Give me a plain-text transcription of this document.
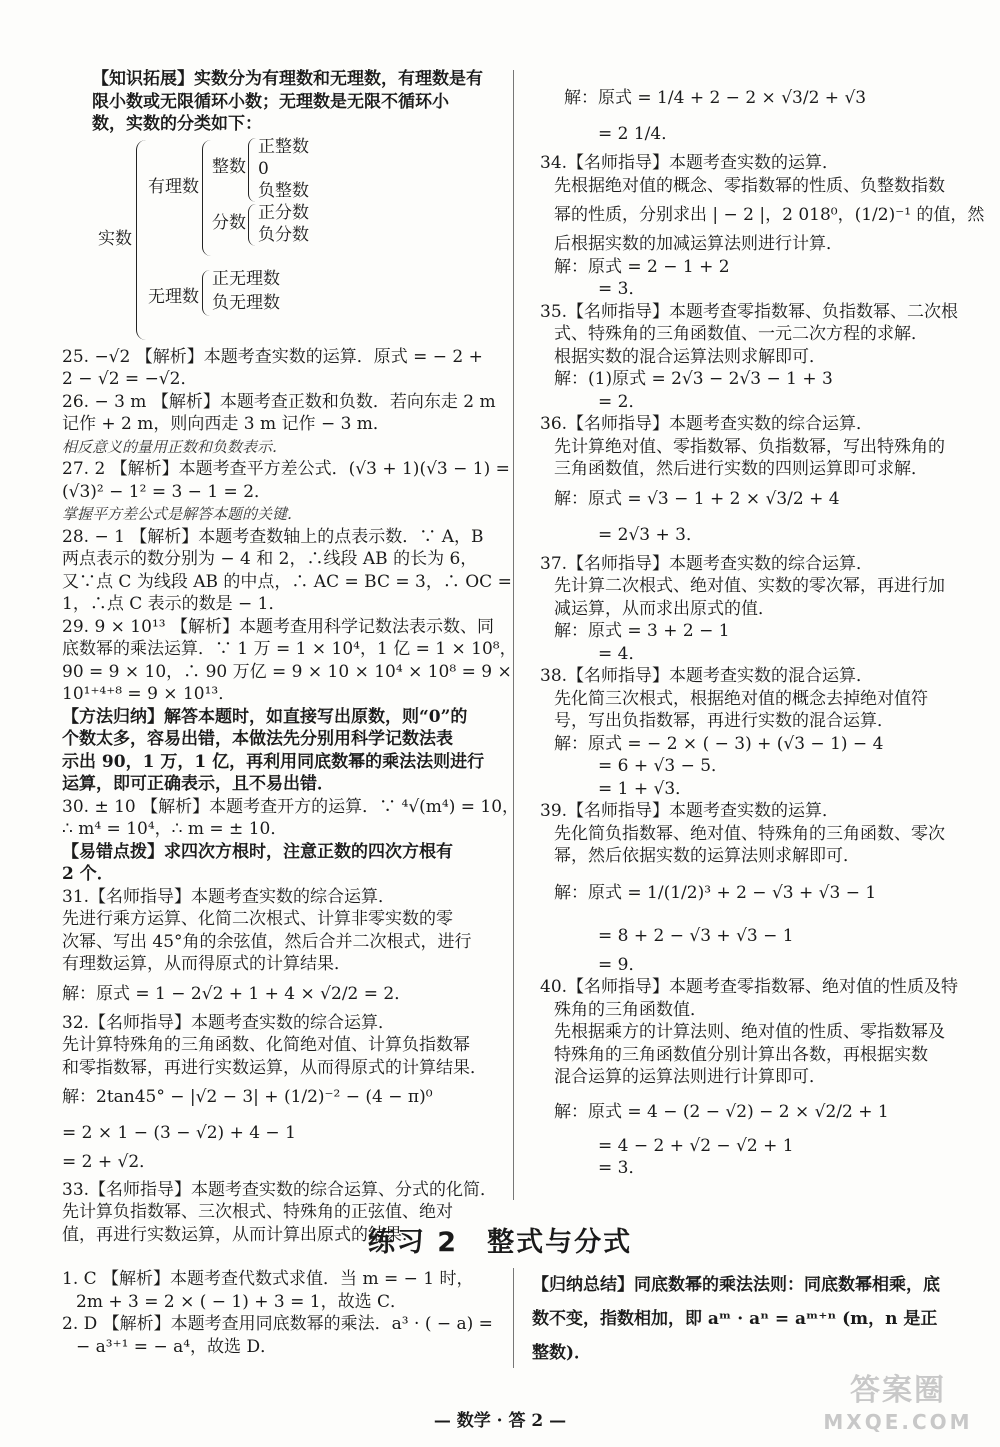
【知识拓展】实数分为有理数和无理数，有理数是有
限小数或无限循环小数；无理数是无限不循环小
数，实数的分类如下：
实数
有理数
整数
正整数
0
负整数
分数 正分数
负分数
无理数
正无理数
负无理数
25. −√2 【解析】本题考查实数的运算．原式 = − 2 +
2 − √2 = −√2．
26. − 3 m 【解析】本题考查正数和负数．若向东走 2 m
记作 + 2 m，则向西走 3 m 记作 − 3 m．
相反意义的量用正数和负数表示．
27. 2 【解析】本题考查平方差公式．(√3 + 1)(√3 − 1) =
(√3)² − 1² = 3 − 1 = 2．
掌握平方差公式是解答本题的关键．
28. − 1 【解析】本题考查数轴上的点表示数．∵ A，B
两点表示的数分别为 − 4 和 2，∴线段 AB 的长为 6，
又∵点 C 为线段 AB 的中点，∴ AC = BC = 3，∴ OC =
1，∴点 C 表示的数是 − 1．
29. 9 × 10¹³ 【解析】本题考查用科学记数法表示数、同
底数幂的乘法运算．∵ 1 万 = 1 × 10⁴，1 亿 = 1 × 10⁸，
90 = 9 × 10，∴ 90 万亿 = 9 × 10 × 10⁴ × 10⁸ = 9 ×
10¹⁺⁴⁺⁸ = 9 × 10¹³．
【方法归纳】解答本题时，如直接写出原数，则“0”的
个数太多，容易出错，本做法先分别用科学记数法表
示出 90，1 万，1 亿，再利用同底数幂的乘法法则进行
运算，即可正确表示，且不易出错．
30. ± 10 【解析】本题考查开方的运算．∵ ⁴√(m⁴) = 10，
∴ m⁴ = 10⁴，∴ m = ± 10．
【易错点拨】求四次方根时，注意正数的四次方根有
2 个．
31.【名师指导】本题考查实数的综合运算．
先进行乘方运算、化简二次根式、计算非零实数的零
次幂、写出 45°角的余弦值，然后合并二次根式，进行
有理数运算，从而得原式的计算结果．
解：原式 = 1 − 2√2 + 1 + 4 × √2/2 = 2．
32.【名师指导】本题考查实数的综合运算．
先计算特殊角的三角函数、化简绝对值、计算负指数幂
和零指数幂，再进行实数运算，从而得原式的计算结果．
解：2tan45° − |√2 − 3| + (1/2)⁻² − (4 − π)⁰
= 2 × 1 − (3 − √2) + 4 − 1
= 2 + √2．
33.【名师指导】本题考查实数的综合运算、分式的化简．
先计算负指数幂、三次根式、特殊角的正弦值、绝对
值，再进行实数运算，从而计算出原式的结果．
解：原式 = 1/4 + 2 − 2 × √3/2 + √3
= 2 1/4．
34.【名师指导】本题考查实数的运算．
先根据绝对值的概念、零指数幂的性质、负整数指数
幂的性质，分别求出 | − 2 |，2 018⁰，(1/2)⁻¹ 的值，然
后根据实数的加减运算法则进行计算．
解：原式 = 2 − 1 + 2
= 3．
35.【名师指导】本题考查零指数幂、负指数幂、二次根
式、特殊角的三角函数值、一元二次方程的求解．
根据实数的混合运算法则求解即可．
解：(1)原式 = 2√3 − 2√3 − 1 + 3
= 2．
36.【名师指导】本题考查实数的综合运算．
先计算绝对值、零指数幂、负指数幂，写出特殊角的
三角函数值，然后进行实数的四则运算即可求解．
解：原式 = √3 − 1 + 2 × √3/2 + 4
= 2√3 + 3．
37.【名师指导】本题考查实数的综合运算．
先计算二次根式、绝对值、实数的零次幂，再进行加
减运算，从而求出原式的值．
解：原式 = 3 + 2 − 1
= 4．
38.【名师指导】本题考查实数的混合运算．
先化简三次根式，根据绝对值的概念去掉绝对值符
号，写出负指数幂，再进行实数的混合运算．
解：原式 = − 2 × ( − 3) + (√3 − 1) − 4
= 6 + √3 − 5．
= 1 + √3．
39.【名师指导】本题考查实数的运算．
先化简负指数幂、绝对值、特殊角的三角函数、零次
幂，然后依据实数的运算法则求解即可．
解：原式 = 1/(1/2)³ + 2 − √3 + √3 − 1
= 8 + 2 − √3 + √3 − 1
= 9．
40.【名师指导】本题考查零指数幂、绝对值的性质及特
殊角的三角函数值．
先根据乘方的计算法则、绝对值的性质、零指数幂及
特殊角的三角函数值分别计算出各数，再根据实数
混合运算的运算法则进行计算即可．
解：原式 = 4 − (2 − √2) − 2 × √2/2 + 1
= 4 − 2 + √2 − √2 + 1
= 3．
练习 2　整式与分式
1. C 【解析】本题考查代数式求值．当 m = − 1 时，
2m + 3 = 2 × ( − 1) + 3 = 1，故选 C．
2. D 【解析】本题考查用同底数幂的乘法．a³ · ( − a) =
− a³⁺¹ = − a⁴，故选 D．
【归纳总结】同底数幂的乘法法则：同底数幂相乘，底
数不变，指数相加，即 aᵐ · aⁿ = aᵐ⁺ⁿ (m，n 是正
整数)．
— 数学 · 答 2 —
答案圈
MXQE.COM
